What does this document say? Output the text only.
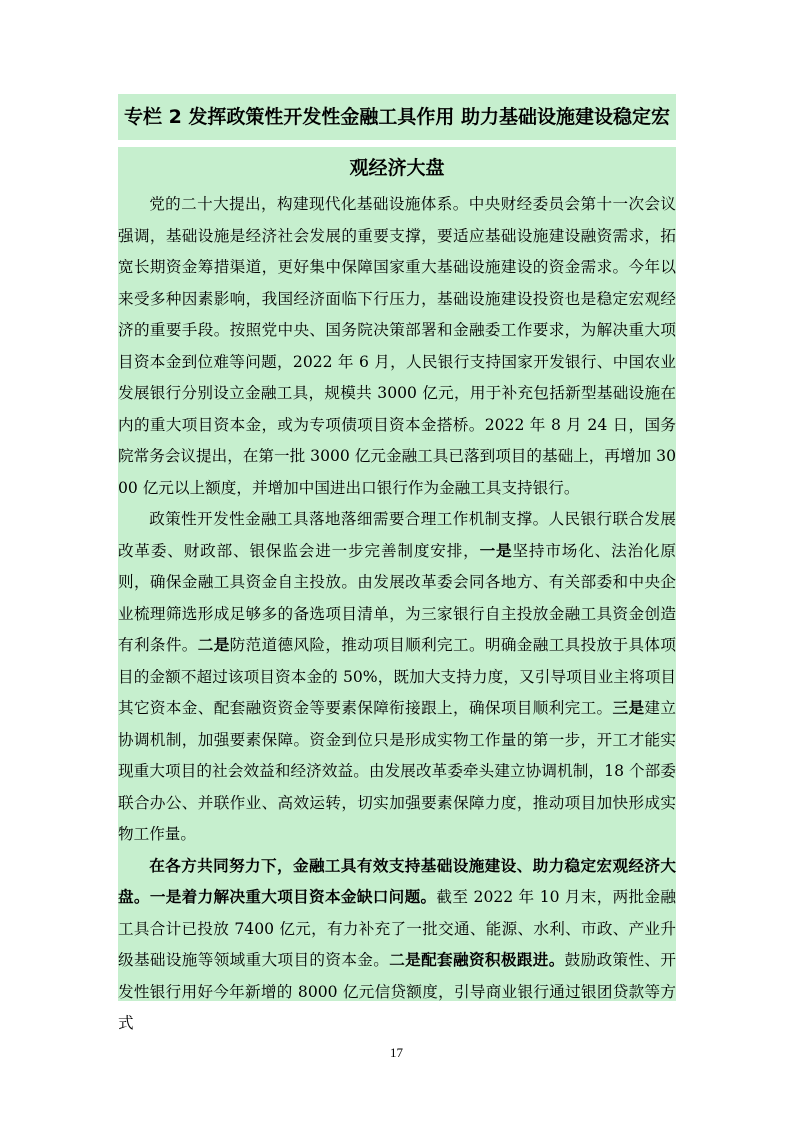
专栏 2 发挥政策性开发性金融工具作用 助力基础设施建设稳定宏
观经济大盘

党的二十大提出，构建现代化基础设施体系。中央财经委员会第十一次会议强调，基础设施是经济社会发展的重要支撑，要适应基础设施建设融资需求，拓宽长期资金筹措渠道，更好集中保障国家重大基础设施建设的资金需求。今年以来受多种因素影响，我国经济面临下行压力，基础设施建设投资也是稳定宏观经济的重要手段。按照党中央、国务院决策部署和金融委工作要求，为解决重大项目资本金到位难等问题，2022 年 6 月，人民银行支持国家开发银行、中国农业发展银行分别设立金融工具，规模共 3000 亿元，用于补充包括新型基础设施在内的重大项目资本金，或为专项债项目资本金搭桥。2022 年 8 月 24 日，国务院常务会议提出，在第一批 3000 亿元金融工具已落到项目的基础上，再增加 3000 亿元以上额度，并增加中国进出口银行作为金融工具支持银行。

政策性开发性金融工具落地落细需要合理工作机制支撑。人民银行联合发展改革委、财政部、银保监会进一步完善制度安排，一是坚持市场化、法治化原则，确保金融工具资金自主投放。由发展改革委会同各地方、有关部委和中央企业梳理筛选形成足够多的备选项目清单，为三家银行自主投放金融工具资金创造有利条件。二是防范道德风险，推动项目顺利完工。明确金融工具投放于具体项目的金额不超过该项目资本金的 50%，既加大支持力度，又引导项目业主将项目其它资本金、配套融资资金等要素保障衔接跟上，确保项目顺利完工。三是建立协调机制，加强要素保障。资金到位只是形成实物工作量的第一步，开工才能实现重大项目的社会效益和经济效益。由发展改革委牵头建立协调机制，18 个部委联合办公、并联作业、高效运转，切实加强要素保障力度，推动项目加快形成实物工作量。

在各方共同努力下，金融工具有效支持基础设施建设、助力稳定宏观经济大盘。一是着力解决重大项目资本金缺口问题。截至 2022 年 10 月末，两批金融工具合计已投放 7400 亿元，有力补充了一批交通、能源、水利、市政、产业升级基础设施等领域重大项目的资本金。二是配套融资积极跟进。鼓励政策性、开发性银行用好今年新增的 8000 亿元信贷额度，引导商业银行通过银团贷款等方式

17
